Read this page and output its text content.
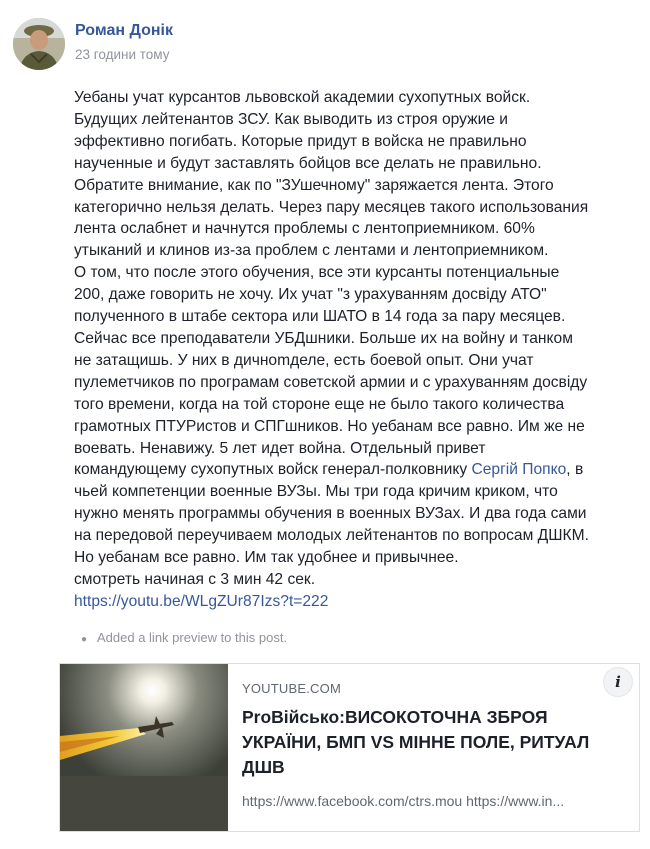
Роман Донік
23 години тому

Уебаны учат курсантов львовской академии сухопутных войск.

Будущих лейтенантов ЗСУ. Как выводить из строя оружие и

эффективно погибать. Которые придут в войска не правильно

наученные и будут заставлять бойцов все делать не правильно.

Обратите внимание, как по "ЗУшечному" заряжается лента. Этого

категорично нельзя делать. Через пару месяцев такого использования

лента ослабнет и начнутся проблемы с лентоприемником. 60%

утыканий и клинов из-за проблем с лентами и лентоприемником.

О том, что после этого обучения, все эти курсанты потенциальные

200, даже говорить не хочу. Их учат "з урахуванням досвіду АТО"

полученного в штабе сектора или ШАТО в 14 года за пару месяцев.

Сейчас все преподаватели УБДшники. Больше их на войну и танком

не затащишь. У них в дичноmделе, есть боевой опыт. Они учат

пулеметчиков по програмам советской армии и с урахуванням досвіду

того времени, когда на той стороне еще не было такого количества

грамотных ПТУРистов и СПГшников. Но уебанам все равно. Им же не

воевать. Ненавижу. 5 лет идет война. Отдельный привет

командующему сухопутных войск генерал-полковнику Сергій Попко, в

чьей компетенции военные ВУЗы. Мы три года кричим криком, что

нужно менять программы обучения в военных ВУЗах. И два года сами

на передовой переучиваем молодых лейтенантов по вопросам ДШКМ.

Но уебанам все равно. Им так удобнее и привычнее.

смотреть начиная с 3 мин 42 сек.

https://youtu.be/WLgZUr87Izs?t=222

● Added a link preview to this post.
YOUTUBE.COM
ProВійсько:ВИСОКОТОЧНА ЗБРОЯ УКРАЇНИ, БМП VS МІННЕ ПОЛЕ, РИТУАЛ ДШВ
https://www.facebook.com/ctrs.mou https://www.in...
i
